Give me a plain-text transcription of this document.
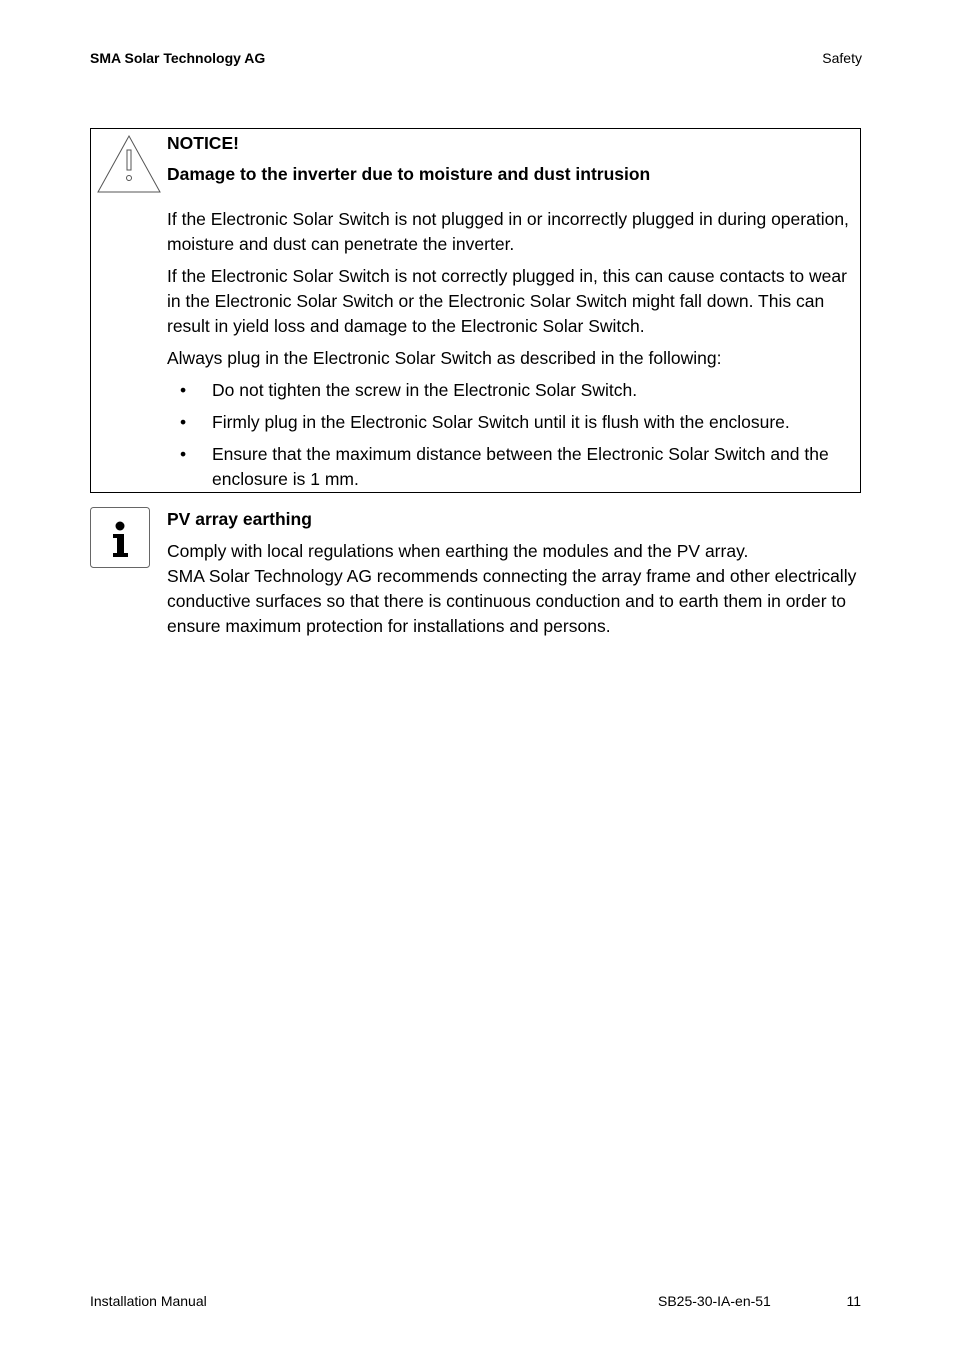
SMA Solar Technology AG	Safety

NOTICE!

Damage to the inverter due to moisture and dust intrusion

If the Electronic Solar Switch is not plugged in or incorrectly plugged in during operation, moisture and dust can penetrate the inverter.

If the Electronic Solar Switch is not correctly plugged in, this can cause contacts to wear in the Electronic Solar Switch or the Electronic Solar Switch might fall down. This can result in yield loss and damage to the Electronic Solar Switch.

Always plug in the Electronic Solar Switch as described in the following:

• Do not tighten the screw in the Electronic Solar Switch.
• Firmly plug in the Electronic Solar Switch until it is flush with the enclosure.
• Ensure that the maximum distance between the Electronic Solar Switch and the enclosure is 1 mm.

PV array earthing

Comply with local regulations when earthing the modules and the PV array.
SMA Solar Technology AG recommends connecting the array frame and other electrically conductive surfaces so that there is continuous conduction and to earth them in order to ensure maximum protection for installations and persons.
Installation Manual	SB25-30-IA-en-51	11
